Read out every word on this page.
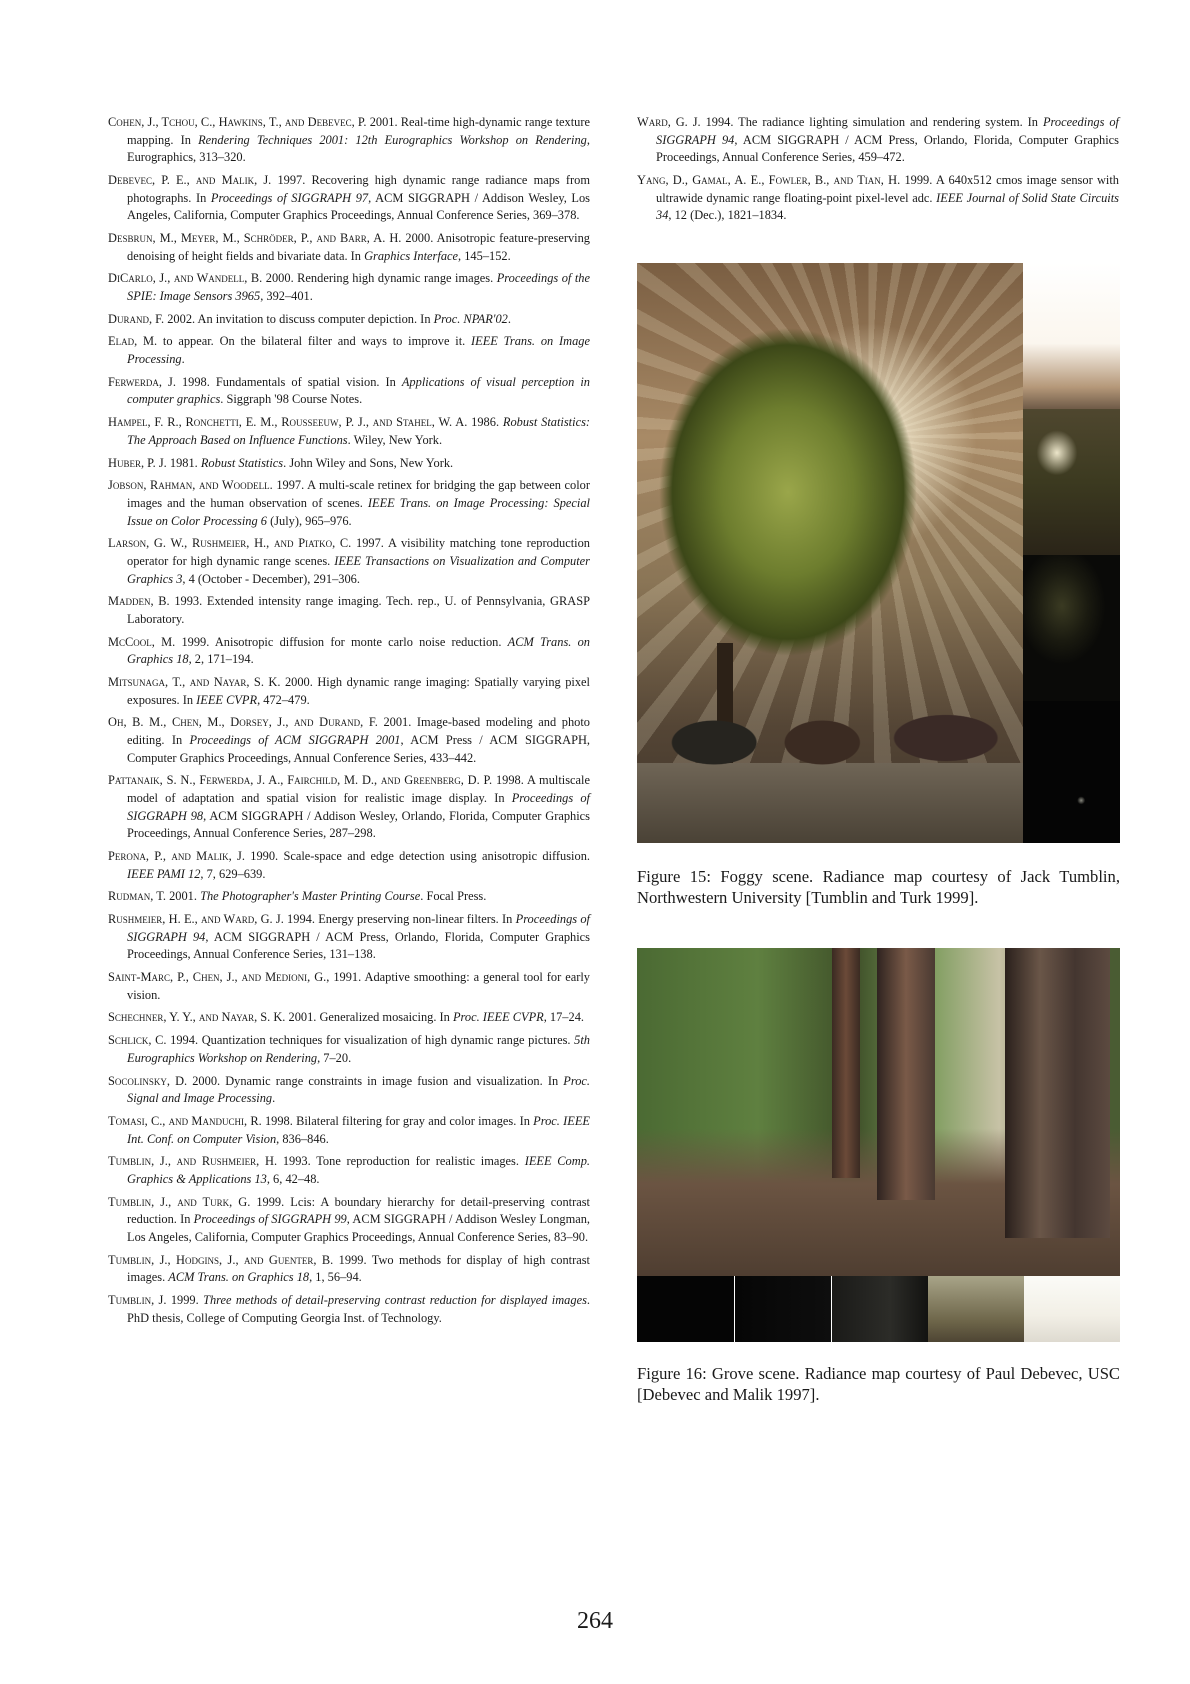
Cohen, J., Tchou, C., Hawkins, T., and Debevec, P. 2001. Real-time high-dynamic range texture mapping. In Rendering Techniques 2001: 12th Eurographics Workshop on Rendering, Eurographics, 313–320.

Debevec, P. E., and Malik, J. 1997. Recovering high dynamic range radiance maps from photographs. In Proceedings of SIGGRAPH 97, ACM SIGGRAPH / Addison Wesley, Los Angeles, California, Computer Graphics Proceedings, Annual Conference Series, 369–378.

Desbrun, M., Meyer, M., Schröder, P., and Barr, A. H. 2000. Anisotropic feature-preserving denoising of height fields and bivariate data. In Graphics Interface, 145–152.

DiCarlo, J., and Wandell, B. 2000. Rendering high dynamic range images. Proceedings of the SPIE: Image Sensors 3965, 392–401.

Durand, F. 2002. An invitation to discuss computer depiction. In Proc. NPAR'02.

Elad, M. to appear. On the bilateral filter and ways to improve it. IEEE Trans. on Image Processing.

Ferwerda, J. 1998. Fundamentals of spatial vision. In Applications of visual perception in computer graphics. Siggraph '98 Course Notes.

Hampel, F. R., Ronchetti, E. M., Rousseeuw, P. J., and Stahel, W. A. 1986. Robust Statistics: The Approach Based on Influence Functions. Wiley, New York.

Huber, P. J. 1981. Robust Statistics. John Wiley and Sons, New York.

Jobson, Rahman, and Woodell. 1997. A multi-scale retinex for bridging the gap between color images and the human observation of scenes. IEEE Trans. on Image Processing: Special Issue on Color Processing 6 (July), 965–976.

Larson, G. W., Rushmeier, H., and Piatko, C. 1997. A visibility matching tone reproduction operator for high dynamic range scenes. IEEE Transactions on Visualization and Computer Graphics 3, 4 (October - December), 291–306.

Madden, B. 1993. Extended intensity range imaging. Tech. rep., U. of Pennsylvania, GRASP Laboratory.

McCool, M. 1999. Anisotropic diffusion for monte carlo noise reduction. ACM Trans. on Graphics 18, 2, 171–194.

Mitsunaga, T., and Nayar, S. K. 2000. High dynamic range imaging: Spatially varying pixel exposures. In IEEE CVPR, 472–479.

Oh, B. M., Chen, M., Dorsey, J., and Durand, F. 2001. Image-based modeling and photo editing. In Proceedings of ACM SIGGRAPH 2001, ACM Press / ACM SIGGRAPH, Computer Graphics Proceedings, Annual Conference Series, 433–442.

Pattanaik, S. N., Ferwerda, J. A., Fairchild, M. D., and Greenberg, D. P. 1998. A multiscale model of adaptation and spatial vision for realistic image display. In Proceedings of SIGGRAPH 98, ACM SIGGRAPH / Addison Wesley, Orlando, Florida, Computer Graphics Proceedings, Annual Conference Series, 287–298.

Perona, P., and Malik, J. 1990. Scale-space and edge detection using anisotropic diffusion. IEEE PAMI 12, 7, 629–639.

Rudman, T. 2001. The Photographer's Master Printing Course. Focal Press.

Rushmeier, H. E., and Ward, G. J. 1994. Energy preserving non-linear filters. In Proceedings of SIGGRAPH 94, ACM SIGGRAPH / ACM Press, Orlando, Florida, Computer Graphics Proceedings, Annual Conference Series, 131–138.

Saint-Marc, P., Chen, J., and Medioni, G., 1991. Adaptive smoothing: a general tool for early vision.

Schechner, Y. Y., and Nayar, S. K. 2001. Generalized mosaicing. In Proc. IEEE CVPR, 17–24.

Schlick, C. 1994. Quantization techniques for visualization of high dynamic range pictures. 5th Eurographics Workshop on Rendering, 7–20.

Socolinsky, D. 2000. Dynamic range constraints in image fusion and visualization. In Proc. Signal and Image Processing.

Tomasi, C., and Manduchi, R. 1998. Bilateral filtering for gray and color images. In Proc. IEEE Int. Conf. on Computer Vision, 836–846.

Tumblin, J., and Rushmeier, H. 1993. Tone reproduction for realistic images. IEEE Comp. Graphics & Applications 13, 6, 42–48.

Tumblin, J., and Turk, G. 1999. Lcis: A boundary hierarchy for detail-preserving contrast reduction. In Proceedings of SIGGRAPH 99, ACM SIGGRAPH / Addison Wesley Longman, Los Angeles, California, Computer Graphics Proceedings, Annual Conference Series, 83–90.

Tumblin, J., Hodgins, J., and Guenter, B. 1999. Two methods for display of high contrast images. ACM Trans. on Graphics 18, 1, 56–94.

Tumblin, J. 1999. Three methods of detail-preserving contrast reduction for displayed images. PhD thesis, College of Computing Georgia Inst. of Technology.

Ward, G. J. 1994. The radiance lighting simulation and rendering system. In Proceedings of SIGGRAPH 94, ACM SIGGRAPH / ACM Press, Orlando, Florida, Computer Graphics Proceedings, Annual Conference Series, 459–472.

Yang, D., Gamal, A. E., Fowler, B., and Tian, H. 1999. A 640x512 cmos image sensor with ultrawide dynamic range floating-point pixel-level adc. IEEE Journal of Solid State Circuits 34, 12 (Dec.), 1821–1834.

Figure 15: Foggy scene. Radiance map courtesy of Jack Tumblin, Northwestern University [Tumblin and Turk 1999].
Figure 16: Grove scene. Radiance map courtesy of Paul Debevec, USC [Debevec and Malik 1997].
264
